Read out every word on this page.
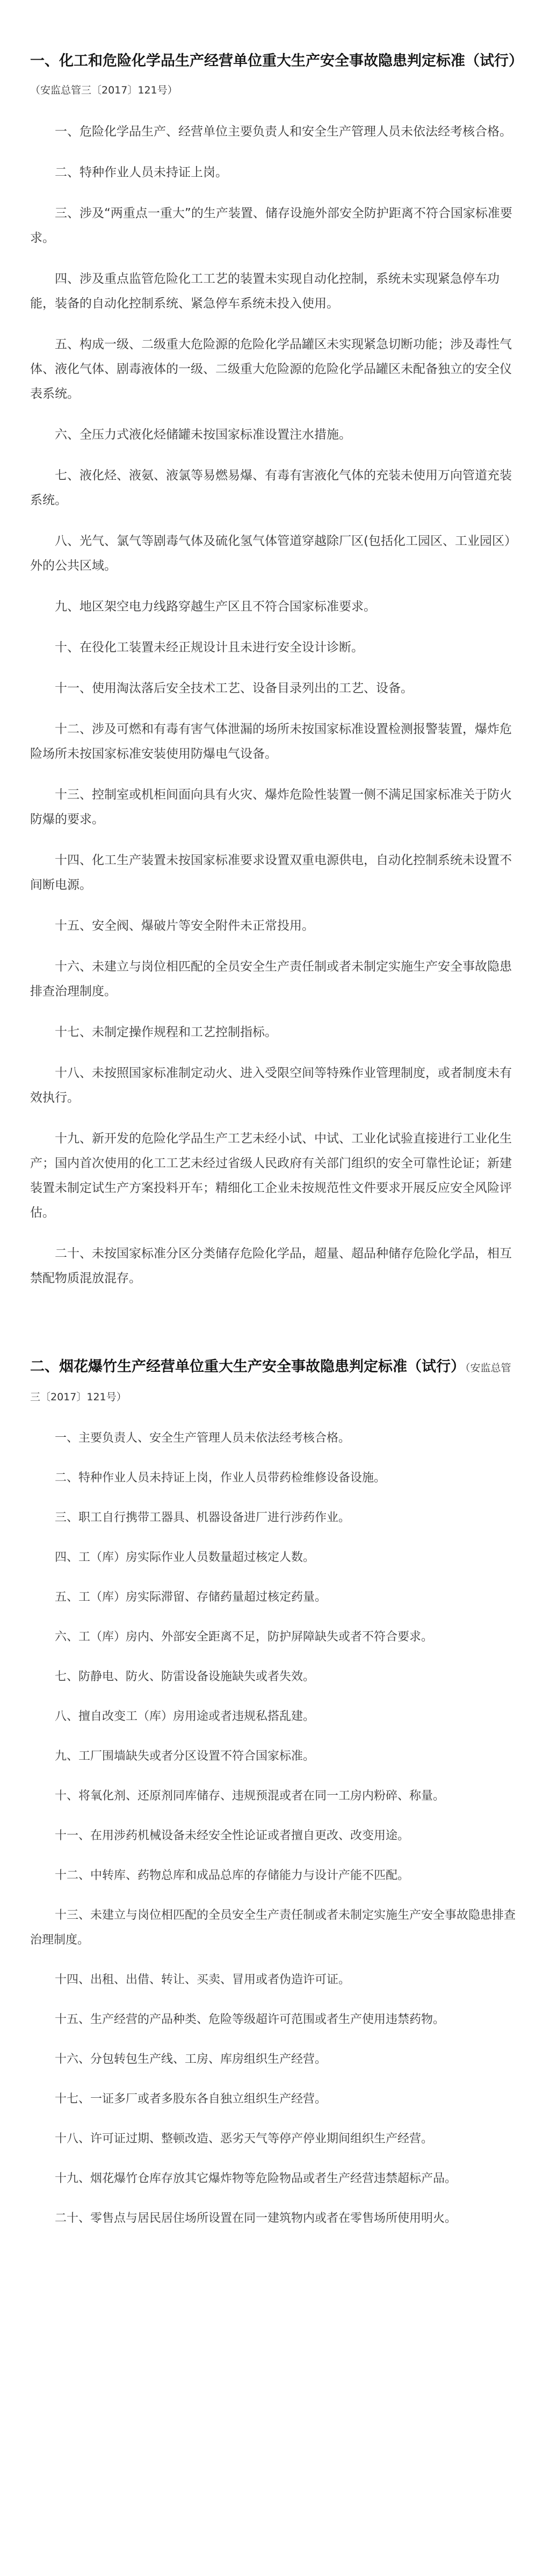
一、化工和危险化学品生产经营单位重大生产安全事故隐患判定标准（试行）（安监总管三〔2017〕121号）

一、危险化学品生产、经营单位主要负责人和安全生产管理人员未依法经考核合格。

二、特种作业人员未持证上岗。

三、涉及“两重点一重大”的生产装置、储存设施外部安全防护距离不符合国家标准要求。

四、涉及重点监管危险化工工艺的装置未实现自动化控制，系统未实现紧急停车功能，装备的自动化控制系统、紧急停车系统未投入使用。

五、构成一级、二级重大危险源的危险化学品罐区未实现紧急切断功能；涉及毒性气体、液化气体、剧毒液体的一级、二级重大危险源的危险化学品罐区未配备独立的安全仪表系统。

六、全压力式液化烃储罐未按国家标准设置注水措施。

七、液化烃、液氨、液氯等易燃易爆、有毒有害液化气体的充装未使用万向管道充装系统。

八、光气、氯气等剧毒气体及硫化氢气体管道穿越除厂区(包括化工园区、工业园区）外的公共区域。

九、地区架空电力线路穿越生产区且不符合国家标准要求。

十、在役化工装置未经正规设计且未进行安全设计诊断。

十一、使用淘汰落后安全技术工艺、设备目录列出的工艺、设备。

十二、涉及可燃和有毒有害气体泄漏的场所未按国家标准设置检测报警装置，爆炸危险场所未按国家标准安装使用防爆电气设备。

十三、控制室或机柜间面向具有火灾、爆炸危险性装置一侧不满足国家标准关于防火防爆的要求。

十四、化工生产装置未按国家标准要求设置双重电源供电，自动化控制系统未设置不间断电源。

十五、安全阀、爆破片等安全附件未正常投用。

十六、未建立与岗位相匹配的全员安全生产责任制或者未制定实施生产安全事故隐患排查治理制度。

十七、未制定操作规程和工艺控制指标。

十八、未按照国家标准制定动火、进入受限空间等特殊作业管理制度，或者制度未有效执行。

十九、新开发的危险化学品生产工艺未经小试、中试、工业化试验直接进行工业化生产；国内首次使用的化工工艺未经过省级人民政府有关部门组织的安全可靠性论证；新建装置未制定试生产方案投料开车；精细化工企业未按规范性文件要求开展反应安全风险评估。

二十、未按国家标准分区分类储存危险化学品，超量、超品种储存危险化学品，相互禁配物质混放混存。

二、烟花爆竹生产经营单位重大生产安全事故隐患判定标准（试行）（安监总管三〔2017〕121号）

一、主要负责人、安全生产管理人员未依法经考核合格。

二、特种作业人员未持证上岗，作业人员带药检维修设备设施。

三、职工自行携带工器具、机器设备进厂进行涉药作业。

四、工（库）房实际作业人员数量超过核定人数。

五、工（库）房实际滞留、存储药量超过核定药量。

六、工（库）房内、外部安全距离不足，防护屏障缺失或者不符合要求。

七、防静电、防火、防雷设备设施缺失或者失效。

八、擅自改变工（库）房用途或者违规私搭乱建。

九、工厂围墙缺失或者分区设置不符合国家标准。

十、将氧化剂、还原剂同库储存、违规预混或者在同一工房内粉碎、称量。

十一、在用涉药机械设备未经安全性论证或者擅自更改、改变用途。

十二、中转库、药物总库和成品总库的存储能力与设计产能不匹配。

十三、未建立与岗位相匹配的全员安全生产责任制或者未制定实施生产安全事故隐患排查治理制度。

十四、出租、出借、转让、买卖、冒用或者伪造许可证。

十五、生产经营的产品种类、危险等级超许可范围或者生产使用违禁药物。

十六、分包转包生产线、工房、库房组织生产经营。

十七、一证多厂或者多股东各自独立组织生产经营。

十八、许可证过期、整顿改造、恶劣天气等停产停业期间组织生产经营。

十九、烟花爆竹仓库存放其它爆炸物等危险物品或者生产经营违禁超标产品。

二十、零售点与居民居住场所设置在同一建筑物内或者在零售场所使用明火。
